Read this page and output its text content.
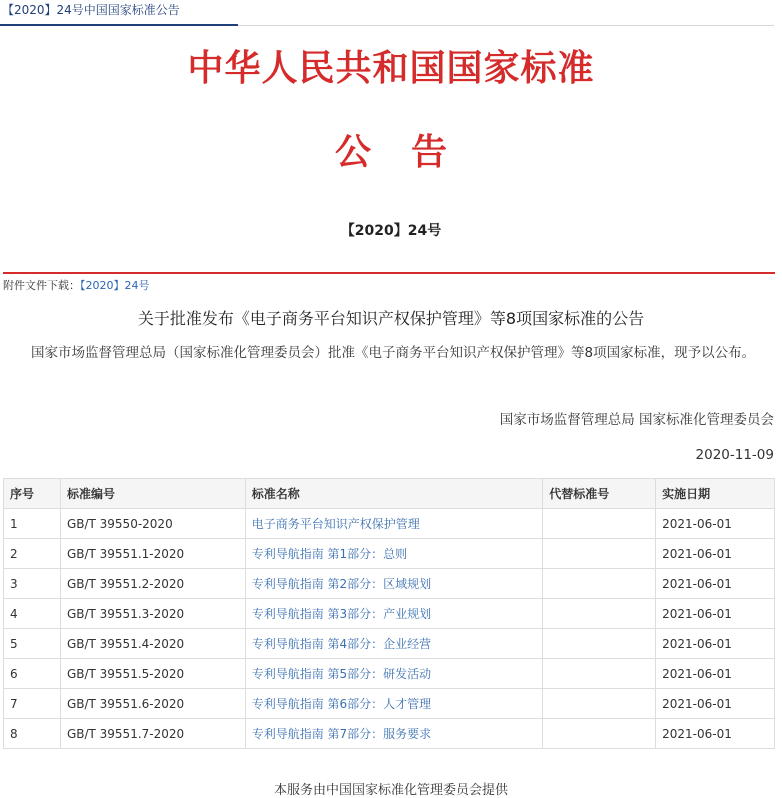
【2020】24号中国国家标准公告
中华人民共和国国家标准
公告
【2020】24号
附件文件下载：【2020】24号
关于批准发布《电子商务平台知识产权保护管理》等8项国家标准的公告
国家市场监督管理总局（国家标准化管理委员会）批准《电子商务平台知识产权保护管理》等8项国家标准，现予以公布。
国家市场监督管理总局 国家标准化管理委员会
2020-11-09
序号	标准编号	标准名称	代替标准号	实施日期
1	GB/T 39550-2020	电子商务平台知识产权保护管理		2021-06-01
2	GB/T 39551.1-2020	专利导航指南 第1部分：总则		2021-06-01
3	GB/T 39551.2-2020	专利导航指南 第2部分：区域规划		2021-06-01
4	GB/T 39551.3-2020	专利导航指南 第3部分：产业规划		2021-06-01
5	GB/T 39551.4-2020	专利导航指南 第4部分：企业经营		2021-06-01
6	GB/T 39551.5-2020	专利导航指南 第5部分：研发活动		2021-06-01
7	GB/T 39551.6-2020	专利导航指南 第6部分：人才管理		2021-06-01
8	GB/T 39551.7-2020	专利导航指南 第7部分：服务要求		2021-06-01
本服务由中国国家标准化管理委员会提供
